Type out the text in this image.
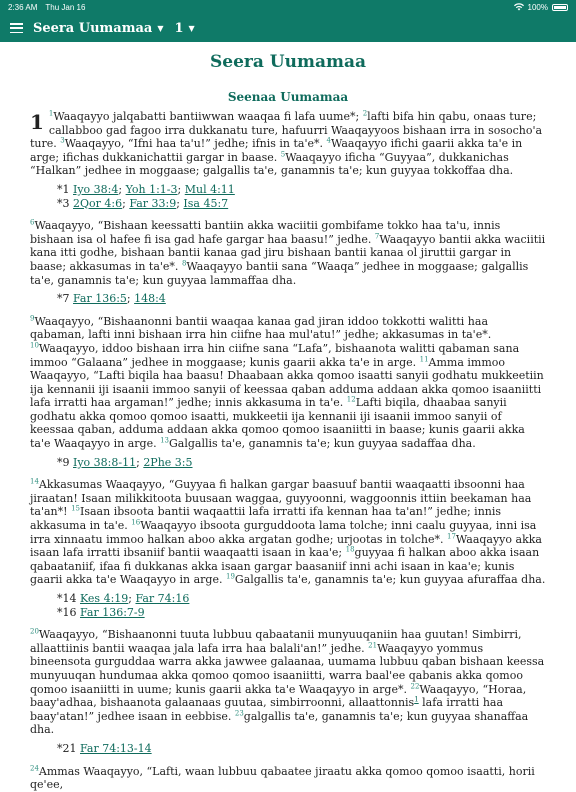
2:36 AM Thu Jan 16	100%
Seera Uumamaa ▼ 1 ▼
Seera Uumamaa
Seenaa Uumamaa

1 $^1$Waaqayyo jalqabatti bantiiwwan waaqaa fi lafa uume*; $^2$lafti bifa hin qabu, onaas ture; callabboo gad fagoo irra dukkanatu ture, hafuurri Waaqayyoos bishaan irra in sosocho'a ture. $^3$Waaqayyo, “Ifni haa ta'u!” jedhe; ifnis in ta'e*. $^4$Waaqayyo ifichi gaarii akka ta'e in arge; ifichas dukkanichattii gargar in baase. $^5$Waaqayyo ificha “Guyyaa”, dukkanichas “Halkan” jedhee in moggaase; galgallis ta'e, ganamnis ta'e; kun guyyaa tokkoffaa dha.

*1 Iyo 38:4; Yoh 1:1-3; Mul 4:11
*3 2Qor 4:6; Far 33:9; Isa 45:7

$^6$Waaqayyo, “Bishaan keessatti bantiin akka waciitii gombifame tokko haa ta'u, innis bishaan isa ol hafee fi isa gad hafe gargar haa baasu!” jedhe. $^7$Waaqayyo bantii akka waciitii kana itti godhe, bishaan bantii kanaa gad jiru bishaan bantii kanaa ol jiruttii gargar in baase; akkasumas in ta'e*. $^8$Waaqayyo bantii sana “Waaqa” jedhee in moggaase; galgallis ta'e, ganamnis ta'e; kun guyyaa lammaffaa dha.

*7 Far 136:5; 148:4

$^9$Waaqayyo, “Bishaanonni bantii waaqaa kanaa gad jiran iddoo tokkotti walitti haa qabaman, lafti inni bishaan irra hin ciifne haa mul'atu!” jedhe; akkasumas in ta'e*. $^{10}$Waaqayyo, iddoo bishaan irra hin ciifne sana “Lafa”, bishaanota walitti qabaman sana immoo “Galaana” jedhee in moggaase; kunis gaarii akka ta'e in arge. $^{11}$Amma immoo Waaqayyo, “Lafti biqila haa baasu! Dhaabaan akka qomoo isaatti sanyii godhatu mukkeetiin ija kennanii iji isaanii immoo sanyii of keessaa qaban adduma addaan akka qomoo isaaniitti lafa irratti haa argaman!” jedhe; innis akkasuma in ta'e. $^{12}$Lafti biqila, dhaabaa sanyii godhatu akka qomoo qomoo isaatti, mukkeetii ija kennanii iji isaanii immoo sanyii of keessaa qaban, adduma addaan akka qomoo qomoo isaaniitti in baase; kunis gaarii akka ta'e Waaqayyo in arge. $^{13}$Galgallis ta'e, ganamnis ta'e; kun guyyaa sadaffaa dha.

*9 Iyo 38:8-11; 2Phe 3:5

$^{14}$Akkasumas Waaqayyo, “Guyyaa fi halkan gargar baasuuf bantii waaqaatti ibsoonni haa jiraatan! Isaan milikkitoota buusaan waggaa, guyyoonni, waggoonnis ittiin beekaman haa ta'an*! $^{15}$Isaan ibsoota bantii waqaattii lafa irratti ifa kennan haa ta'an!” jedhe; innis akkasuma in ta'e. $^{16}$Waaqayyo ibsoota gurguddoota lama tolche; inni caalu guyyaa, inni isa irra xinnaatu immoo halkan aboo akka argatan godhe; urjootas in tolche*. $^{17}$Waaqayyo akka isaan lafa irratti ibsaniif bantii waaqaatti isaan in kaa'e; $^{18}$guyyaa fi halkan aboo akka isaan qabaataniif, ifaa fi dukkanas akka isaan gargar baasaniif inni achi isaan in kaa'e; kunis gaarii akka ta'e Waaqayyo in arge. $^{19}$Galgallis ta'e, ganamnis ta'e; kun guyyaa afuraffaa dha.

*14 Kes 4:19; Far 74:16
*16 Far 136:7-9

$^{20}$Waaqayyo, “Bishaanonni tuuta lubbuu qabaatanii munyuuqaniin haa guutan! Simbirri, allaattiinis bantii waaqaa jala lafa irra haa balali'an!” jedhe. $^{21}$Waaqayyo yommus bineensota gurguddaa warra akka jawwee galaanaa, uumama lubbuu qaban bishaan keessa munyuuqan hundumaa akka qomoo qomoo isaaniitti, warra baal'ee qabanis akka qomoo qomoo isaaniitti in uume; kunis gaarii akka ta'e Waaqayyo in arge*. $^{22}$Waaqayyo, “Horaa, baay'adhaa, bishaanota galaanaas guutaa, simbirroonni, allaattonnis$^1$ lafa irratti haa baay'atan!” jedhee isaan in eebbise. $^{23}$galgallis ta'e, ganamnis ta'e; kun guyyaa shanaffaa dha.

*21 Far 74:13-14

$^{24}$Ammas Waaqayyo, “Lafti, waan lubbuu qabaatee jiraatu akka qomoo qomoo isaatti, horii qe'ee,
